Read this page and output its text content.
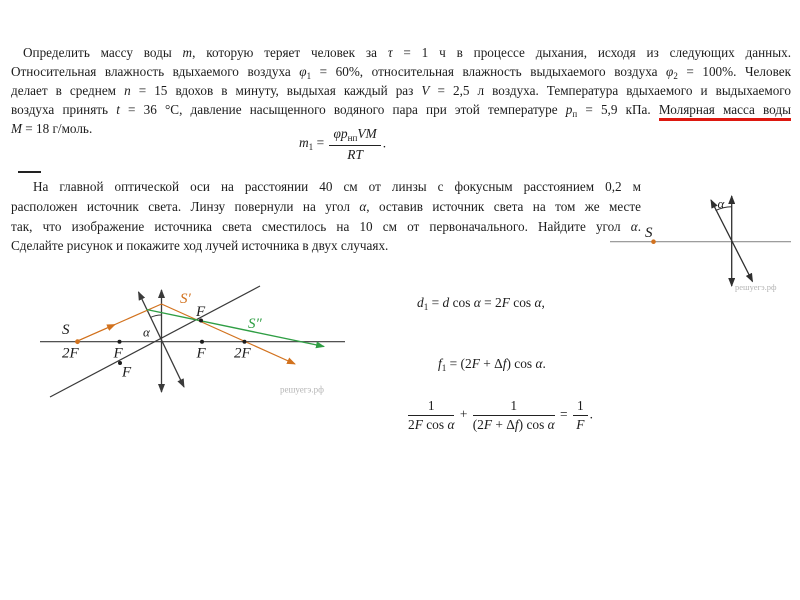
Определить массу воды m, которую теряет человек за τ = 1 ч в процессе дыхания, исходя из следующих данных.
Относительная влажность вдыхаемого воздуха $\varphi_1 = 60\%$, относительная влажность выдыхаемого воздуха $\varphi_2 = 100\%$. Человек
делает в среднем n = 15 вдохов в минуту, выдыхая каждый раз V = 2,5 л воздуха. Температура вдыхаемого и выдыхаемого
воздуха принять t = 36 °C, давление насыщенного водяного пара при этой температуре $p_п = 5,9$ кПа. Молярная масса воды
M = 18 г/моль.
$m_1 = \frac{\varphi p_{нп}VM}{RT}$ .
На главной оптической оси на расстоянии 40 см от линзы с фокусным расстоянием 0,2 м
расположен источник света. Линзу повернули на угол α, оставив источник света на том же месте
так, что изображение источника света сместилось на 10 см от первоначального. Найдите угол α.
Сделайте рисунок и покажите ход лучей источника в двух случаях.
S
α
решуегэ.рф
S
2F F	F 2F
F
F
α
S′
S″
решуегэ.рф
$d_1 = d$ cos α = 2F cos α,
$f_1 = (2F + \Delta f)$ cos α.
$\frac{1}{\text{2F cos α}} + \frac{1}{\text{(2F + Δf) cos α}} = \frac{1}{F}$ .
